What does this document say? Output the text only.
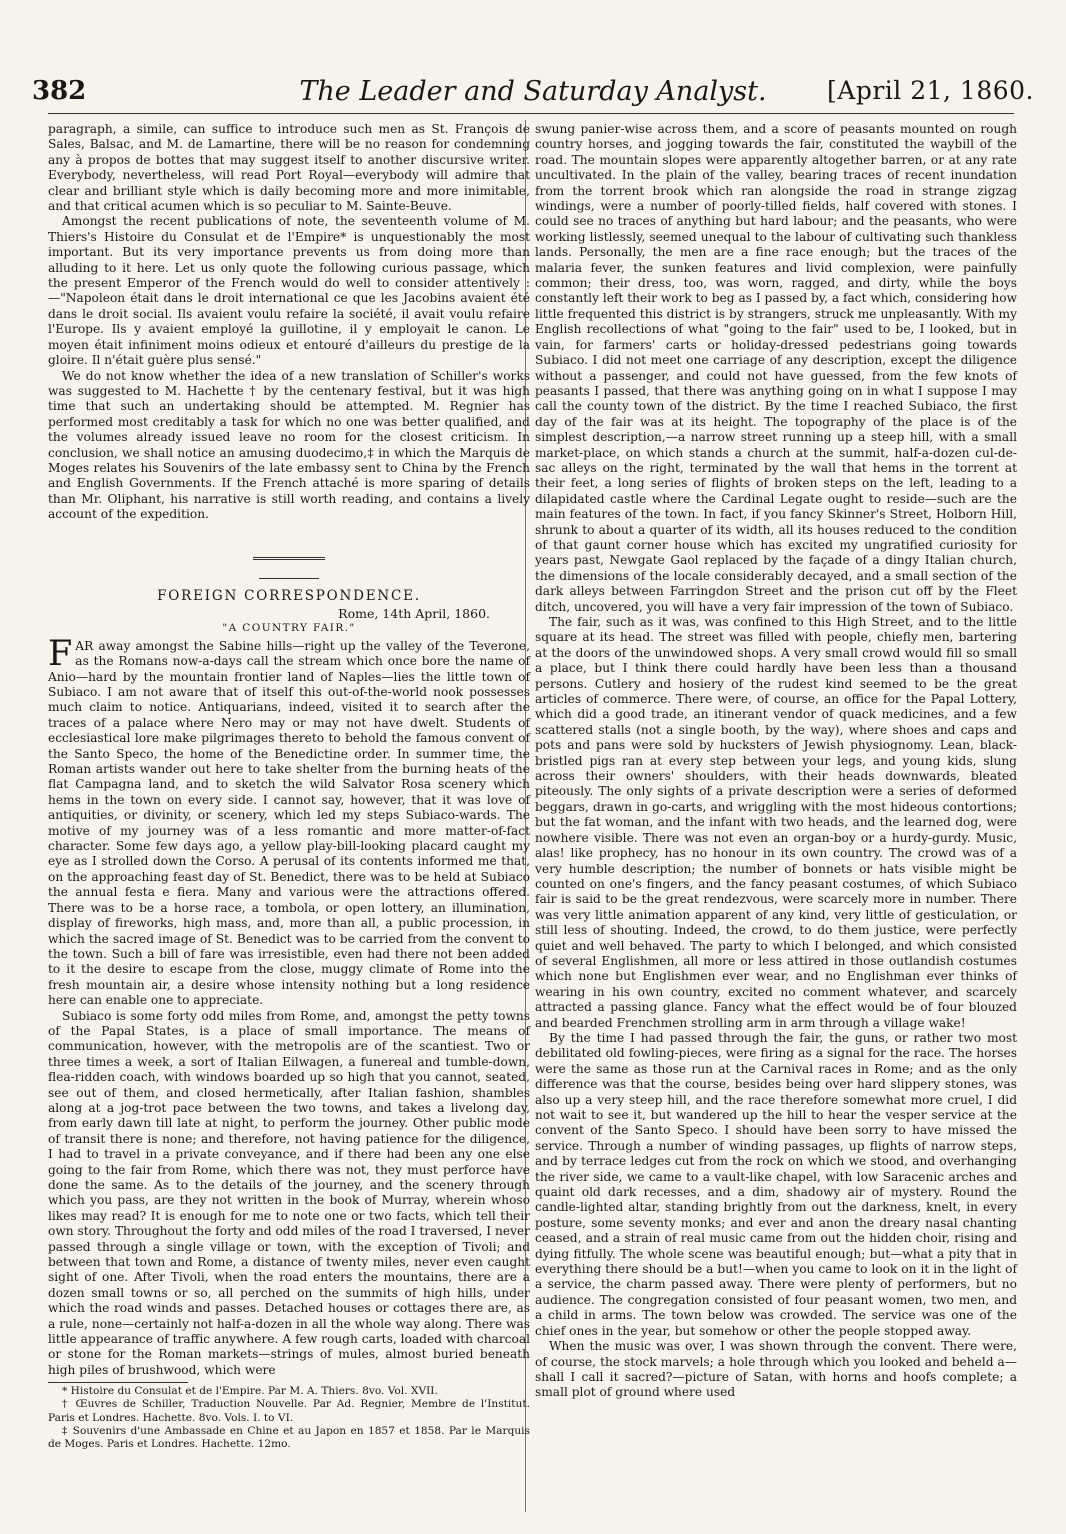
382	The Leader and Saturday Analyst.	[April 21, 1860.

paragraph, a simile, can suffice to introduce such men as St. François de Sales, Balsac, and M. de Lamartine, there will be no reason for condemning any à propos de bottes that may suggest itself to another discursive writer. Everybody, nevertheless, will read Port Royal—everybody will admire that clear and brilliant style which is daily becoming more and more inimitable, and that critical acumen which is so peculiar to M. Sainte-Beuve.

Amongst the recent publications of note, the seventeenth volume of M. Thiers's Histoire du Consulat et de l'Empire* is unquestionably the most important. But its very importance prevents us from doing more than alluding to it here. Let us only quote the following curious passage, which the present Emperor of the French would do well to consider attentively :—"Napoleon était dans le droit international ce que les Jacobins avaient été dans le droit social. Ils avaient voulu refaire la société, il avait voulu refaire l'Europe. Ils y avaient employé la guillotine, il y employait le canon. Le moyen était infiniment moins odieux et entouré d'ailleurs du prestige de la gloire. Il n'était guère plus sensé."

We do not know whether the idea of a new translation of Schiller's works was suggested to M. Hachette † by the centenary festival, but it was high time that such an undertaking should be attempted. M. Regnier has performed most creditably a task for which no one was better qualified, and the volumes already issued leave no room for the closest criticism. In conclusion, we shall notice an amusing duodecimo,‡ in which the Marquis de Moges relates his Souvenirs of the late embassy sent to China by the French and English Governments. If the French attaché is more sparing of details than Mr. Oliphant, his narrative is still worth reading, and contains a lively account of the expedition.

FOREIGN CORRESPONDENCE.
Rome, 14th April, 1860.
"A COUNTRY FAIR."

FAR away amongst the Sabine hills—right up the valley of the Teverone, as the Romans now-a-days call the stream which once bore the name of Anio—hard by the mountain frontier land of Naples—lies the little town of Subiaco. I am not aware that of itself this out-of-the-world nook possesses much claim to notice. Antiquarians, indeed, visited it to search after the traces of a palace where Nero may or may not have dwelt. Students of ecclesiastical lore make pilgrimages thereto to behold the famous convent of the Santo Speco, the home of the Benedictine order. In summer time, the Roman artists wander out here to take shelter from the burning heats of the flat Campagna land, and to sketch the wild Salvator Rosa scenery which hems in the town on every side. I cannot say, however, that it was love of antiquities, or divinity, or scenery, which led my steps Subiaco-wards. The motive of my journey was of a less romantic and more matter-of-fact character. Some few days ago, a yellow play-bill-looking placard caught my eye as I strolled down the Corso. A perusal of its contents informed me that, on the approaching feast day of St. Benedict, there was to be held at Subiaco the annual festa e fiera. Many and various were the attractions offered. There was to be a horse race, a tombola, or open lottery, an illumination, display of fireworks, high mass, and, more than all, a public procession, in which the sacred image of St. Benedict was to be carried from the convent to the town. Such a bill of fare was irresistible, even had there not been added to it the desire to escape from the close, muggy climate of Rome into the fresh mountain air, a desire whose intensity nothing but a long residence here can enable one to appreciate.

Subiaco is some forty odd miles from Rome, and, amongst the petty towns of the Papal States, is a place of small importance. The means of communication, however, with the metropolis are of the scantiest. Two or three times a week, a sort of Italian Eilwagen, a funereal and tumble-down, flea-ridden coach, with windows boarded up so high that you cannot, seated, see out of them, and closed hermetically, after Italian fashion, shambles along at a jog-trot pace between the two towns, and takes a livelong day, from early dawn till late at night, to perform the journey. Other public mode of transit there is none; and therefore, not having patience for the diligence, I had to travel in a private conveyance, and if there had been any one else going to the fair from Rome, which there was not, they must perforce have done the same. As to the details of the journey, and the scenery through which you pass, are they not written in the book of Murray, wherein whoso likes may read? It is enough for me to note one or two facts, which tell their own story. Throughout the forty and odd miles of the road I traversed, I never passed through a single village or town, with the exception of Tivoli; and between that town and Rome, a distance of twenty miles, never even caught sight of one. After Tivoli, when the road enters the mountains, there are a dozen small towns or so, all perched on the summits of high hills, under which the road winds and passes. Detached houses or cottages there are, as a rule, none—certainly not half-a-dozen in all the whole way along. There was little appearance of traffic anywhere. A few rough carts, loaded with charcoal or stone for the Roman markets—strings of mules, almost buried beneath high piles of brushwood, which were

* Histoire du Consulat et de l'Empire. Par M. A. Thiers. 8vo. Vol. XVII.

† Œuvres de Schiller, Traduction Nouvelle. Par Ad. Regnier, Membre de l'Institut. Paris et Londres. Hachette. 8vo. Vols. I. to VI.

‡ Souvenirs d'une Ambassade en Chine et au Japon en 1857 et 1858. Par le Marquis de Moges. Paris et Londres. Hachette. 12mo.

swung panier-wise across them, and a score of peasants mounted on rough country horses, and jogging towards the fair, constituted the waybill of the road. The mountain slopes were apparently altogether barren, or at any rate uncultivated. In the plain of the valley, bearing traces of recent inundation from the torrent brook which ran alongside the road in strange zigzag windings, were a number of poorly-tilled fields, half covered with stones. I could see no traces of anything but hard labour; and the peasants, who were working listlessly, seemed unequal to the labour of cultivating such thankless lands. Personally, the men are a fine race enough; but the traces of the malaria fever, the sunken features and livid complexion, were painfully common; their dress, too, was worn, ragged, and dirty, while the boys constantly left their work to beg as I passed by, a fact which, considering how little frequented this district is by strangers, struck me unpleasantly. With my English recollections of what "going to the fair" used to be, I looked, but in vain, for farmers' carts or holiday-dressed pedestrians going towards Subiaco. I did not meet one carriage of any description, except the diligence without a passenger, and could not have guessed, from the few knots of peasants I passed, that there was anything going on in what I suppose I may call the county town of the district. By the time I reached Subiaco, the first day of the fair was at its height. The topography of the place is of the simplest description,—a narrow street running up a steep hill, with a small market-place, on which stands a church at the summit, half-a-dozen cul-de-sac alleys on the right, terminated by the wall that hems in the torrent at their feet, a long series of flights of broken steps on the left, leading to a dilapidated castle where the Cardinal Legate ought to reside—such are the main features of the town. In fact, if you fancy Skinner's Street, Holborn Hill, shrunk to about a quarter of its width, all its houses reduced to the condition of that gaunt corner house which has excited my ungratified curiosity for years past, Newgate Gaol replaced by the façade of a dingy Italian church, the dimensions of the locale considerably decayed, and a small section of the dark alleys between Farringdon Street and the prison cut off by the Fleet ditch, uncovered, you will have a very fair impression of the town of Subiaco.

The fair, such as it was, was confined to this High Street, and to the little square at its head. The street was filled with people, chiefly men, bartering at the doors of the unwindowed shops. A very small crowd would fill so small a place, but I think there could hardly have been less than a thousand persons. Cutlery and hosiery of the rudest kind seemed to be the great articles of commerce. There were, of course, an office for the Papal Lottery, which did a good trade, an itinerant vendor of quack medicines, and a few scattered stalls (not a single booth, by the way), where shoes and caps and pots and pans were sold by hucksters of Jewish physiognomy. Lean, black-bristled pigs ran at every step between your legs, and young kids, slung across their owners' shoulders, with their heads downwards, bleated piteously. The only sights of a private description were a series of deformed beggars, drawn in go-carts, and wriggling with the most hideous contortions; but the fat woman, and the infant with two heads, and the learned dog, were nowhere visible. There was not even an organ-boy or a hurdy-gurdy. Music, alas! like prophecy, has no honour in its own country. The crowd was of a very humble description; the number of bonnets or hats visible might be counted on one's fingers, and the fancy peasant costumes, of which Subiaco fair is said to be the great rendezvous, were scarcely more in number. There was very little animation apparent of any kind, very little of gesticulation, or still less of shouting. Indeed, the crowd, to do them justice, were perfectly quiet and well behaved. The party to which I belonged, and which consisted of several Englishmen, all more or less attired in those outlandish costumes which none but Englishmen ever wear, and no Englishman ever thinks of wearing in his own country, excited no comment whatever, and scarcely attracted a passing glance. Fancy what the effect would be of four blouzed and bearded Frenchmen strolling arm in arm through a village wake!

By the time I had passed through the fair, the guns, or rather two most debilitated old fowling-pieces, were firing as a signal for the race. The horses were the same as those run at the Carnival races in Rome; and as the only difference was that the course, besides being over hard slippery stones, was also up a very steep hill, and the race therefore somewhat more cruel, I did not wait to see it, but wandered up the hill to hear the vesper service at the convent of the Santo Speco. I should have been sorry to have missed the service. Through a number of winding passages, up flights of narrow steps, and by terrace ledges cut from the rock on which we stood, and overhanging the river side, we came to a vault-like chapel, with low Saracenic arches and quaint old dark recesses, and a dim, shadowy air of mystery. Round the candle-lighted altar, standing brightly from out the darkness, knelt, in every posture, some seventy monks; and ever and anon the dreary nasal chanting ceased, and a strain of real music came from out the hidden choir, rising and dying fitfully. The whole scene was beautiful enough; but—what a pity that in everything there should be a but!—when you came to look on it in the light of a service, the charm passed away. There were plenty of performers, but no audience. The congregation consisted of four peasant women, two men, and a child in arms. The town below was crowded. The service was one of the chief ones in the year, but somehow or other the people stopped away.

When the music was over, I was shown through the convent. There were, of course, the stock marvels; a hole through which you looked and beheld a—shall I call it sacred?—picture of Satan, with horns and hoofs complete; a small plot of ground where used
